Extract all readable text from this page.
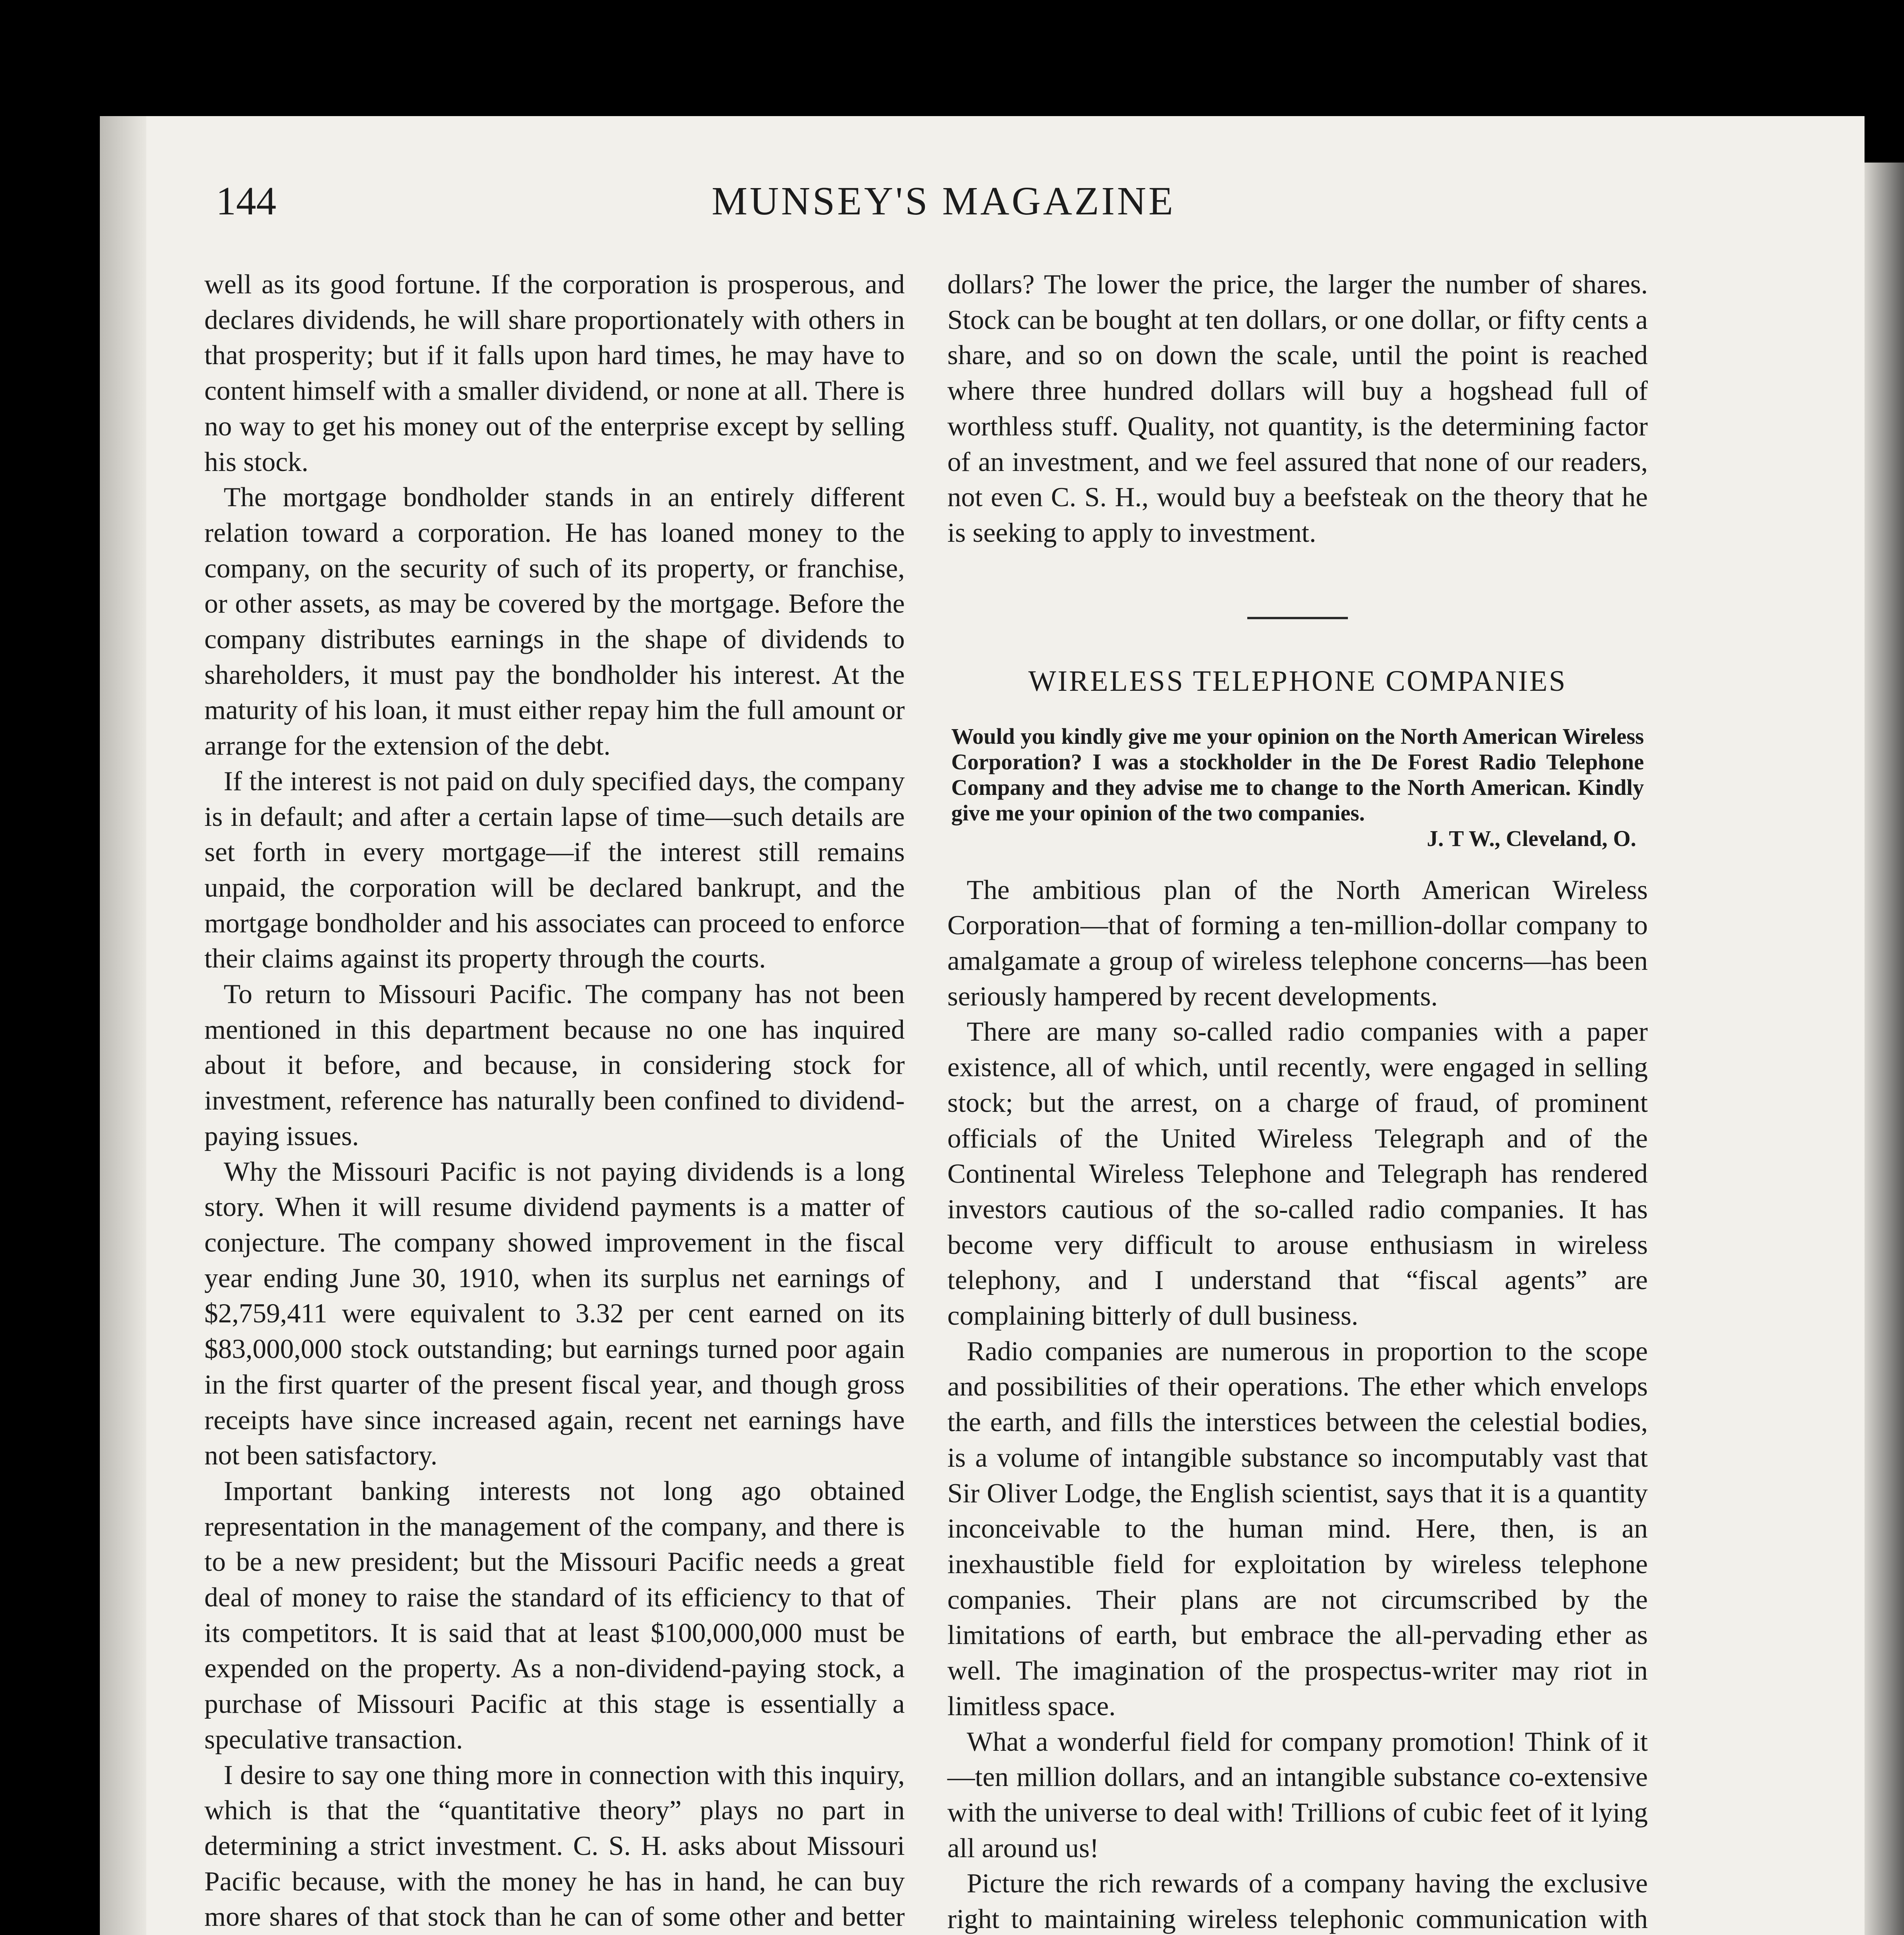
144	MUNSEY'S MAGAZINE

well as its good fortune. If the corporation is prosperous, and declares dividends, he will share proportionately with others in that prosperity; but if it falls upon hard times, he may have to content himself with a smaller dividend, or none at all. There is no way to get his money out of the enterprise except by selling his stock.

The mortgage bondholder stands in an entirely different relation toward a corporation. He has loaned money to the company, on the security of such of its property, or franchise, or other assets, as may be covered by the mortgage. Before the company distributes earnings in the shape of dividends to shareholders, it must pay the bondholder his interest. At the maturity of his loan, it must either repay him the full amount or arrange for the extension of the debt.

If the interest is not paid on duly specified days, the company is in default; and after a certain lapse of time—such details are set forth in every mortgage—if the interest still remains unpaid, the corporation will be declared bankrupt, and the mortgage bondholder and his associates can proceed to enforce their claims against its property through the courts.

To return to Missouri Pacific. The company has not been mentioned in this department because no one has inquired about it before, and because, in considering stock for investment, reference has naturally been confined to dividend-paying issues.

Why the Missouri Pacific is not paying dividends is a long story. When it will resume dividend payments is a matter of conjecture. The company showed improvement in the fiscal year ending June 30, 1910, when its surplus net earnings of $2,759,411 were equivalent to 3.32 per cent earned on its $83,000,000 stock outstanding; but earnings turned poor again in the first quarter of the present fiscal year, and though gross receipts have since increased again, recent net earnings have not been satisfactory.

Important banking interests not long ago obtained representation in the management of the company, and there is to be a new president; but the Missouri Pacific needs a great deal of money to raise the standard of its efficiency to that of its competitors. It is said that at least $100,000,000 must be expended on the property. As a non-dividend-paying stock, a purchase of Missouri Pacific at this stage is essentially a speculative transaction.

I desire to say one thing more in connection with this inquiry, which is that the “quantitative theory” plays no part in determining a strict investment. C. S. H. asks about Missouri Pacific because, with the money he has in hand, he can buy more shares of that stock than he can of some other and better

dollars? The lower the price, the larger the number of shares. Stock can be bought at ten dollars, or one dollar, or fifty cents a share, and so on down the scale, until the point is reached where three hundred dollars will buy a hogshead full of worthless stuff. Quality, not quantity, is the determining factor of an investment, and we feel assured that none of our readers, not even C. S. H., would buy a beefsteak on the theory that he is seeking to apply to investment.

WIRELESS TELEPHONE COMPANIES
Would you kindly give me your opinion on the North American Wireless Corporation? I was a stockholder in the De Forest Radio Telephone Company and they advise me to change to the North American. Kindly give me your opinion of the two companies.
J. T W., Cleveland, O.

The ambitious plan of the North American Wireless Corporation—that of forming a ten-million-dollar company to amalgamate a group of wireless telephone concerns—has been seriously hampered by recent developments.

There are many so-called radio companies with a paper existence, all of which, until recently, were engaged in selling stock; but the arrest, on a charge of fraud, of prominent officials of the United Wireless Telegraph and of the Continental Wireless Telephone and Telegraph has rendered investors cautious of the so-called radio companies. It has become very difficult to arouse enthusiasm in wireless telephony, and I understand that “fiscal agents” are complaining bitterly of dull business.

Radio companies are numerous in proportion to the scope and possibilities of their operations. The ether which envelops the earth, and fills the interstices between the celestial bodies, is a volume of intangible substance so incomputably vast that Sir Oliver Lodge, the English scientist, says that it is a quantity inconceivable to the human mind. Here, then, is an inexhaustible field for exploitation by wireless telephone companies. Their plans are not circumscribed by the limitations of earth, but embrace the all-pervading ether as well. The imagination of the prospectus-writer may riot in limitless space.

What a wonderful field for company promotion! Think of it—ten million dollars, and an intangible substance co-extensive with the universe to deal with! Trillions of cubic feet of it lying all around us!

Picture the rich rewards of a company having the exclusive right to maintaining wireless telephonic communication with
